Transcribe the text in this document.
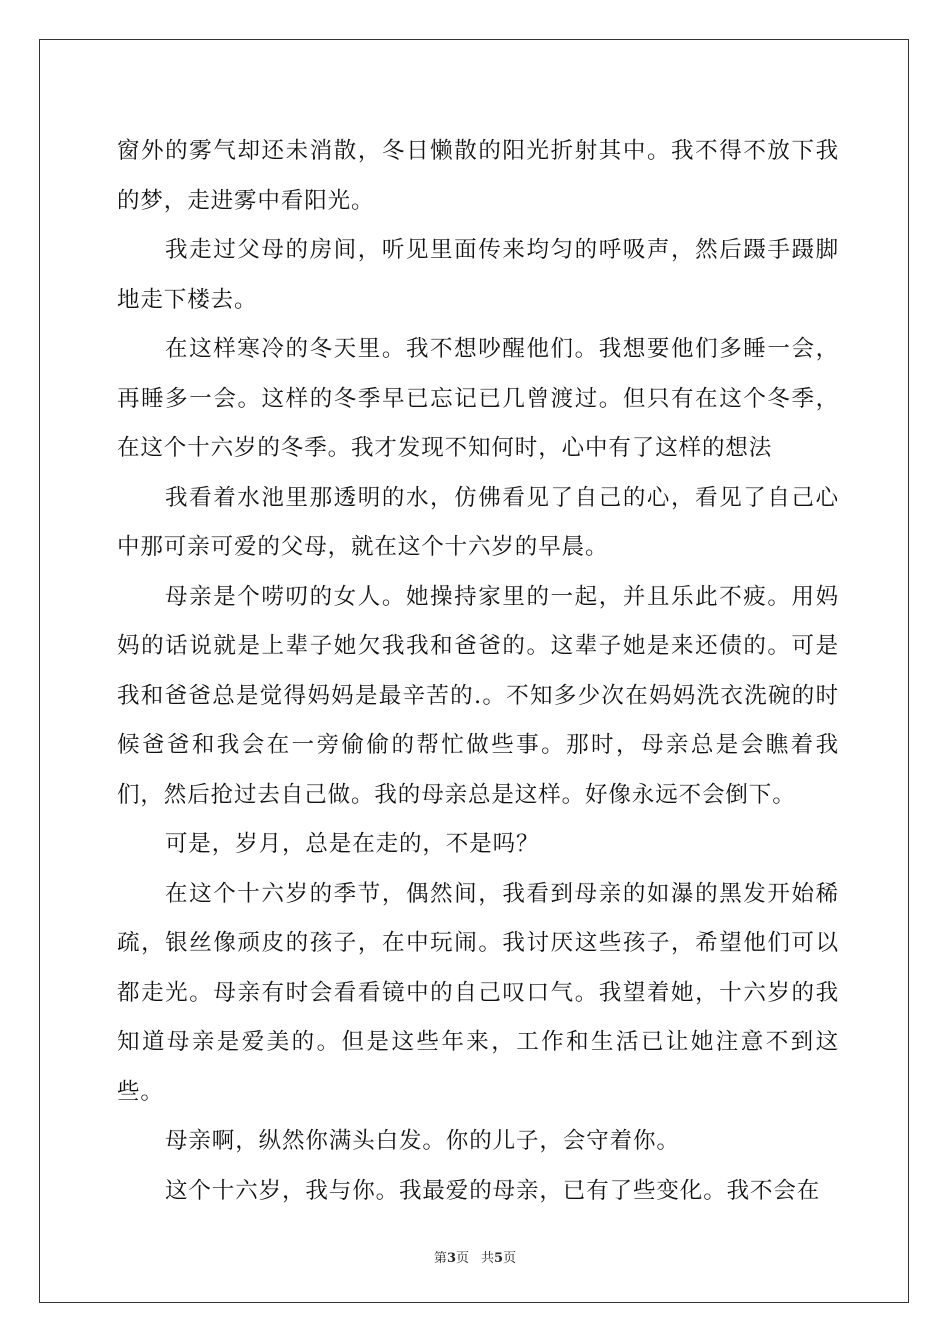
窗外的雾气却还未消散，冬日懒散的阳光折射其中。我不得不放下我的梦，走进雾中看阳光。

我走过父母的房间，听见里面传来均匀的呼吸声，然后蹑手蹑脚地走下楼去。

在这样寒冷的冬天里。我不想吵醒他们。我想要他们多睡一会，再睡多一会。这样的冬季早已忘记已几曾渡过。但只有在这个冬季，在这个十六岁的冬季。我才发现不知何时，心中有了这样的想法

我看着水池里那透明的水，仿佛看见了自己的心，看见了自己心中那可亲可爱的父母，就在这个十六岁的早晨。

母亲是个唠叨的女人。她操持家里的一起，并且乐此不疲。用妈妈的话说就是上辈子她欠我我和爸爸的。这辈子她是来还债的。可是我和爸爸总是觉得妈妈是最辛苦的.。不知多少次在妈妈洗衣洗碗的时候爸爸和我会在一旁偷偷的帮忙做些事。那时，母亲总是会瞧着我们，然后抢过去自己做。我的母亲总是这样。好像永远不会倒下。

可是，岁月，总是在走的，不是吗？

在这个十六岁的季节，偶然间，我看到母亲的如瀑的黑发开始稀疏，银丝像顽皮的孩子，在中玩闹。我讨厌这些孩子，希望他们可以都走光。母亲有时会看看镜中的自己叹口气。我望着她，十六岁的我知道母亲是爱美的。但是这些年来，工作和生活已让她注意不到这些。

母亲啊，纵然你满头白发。你的儿子，会守着你。

这个十六岁，我与你。我最爱的母亲，已有了些变化。我不会在

第3页 共5页
